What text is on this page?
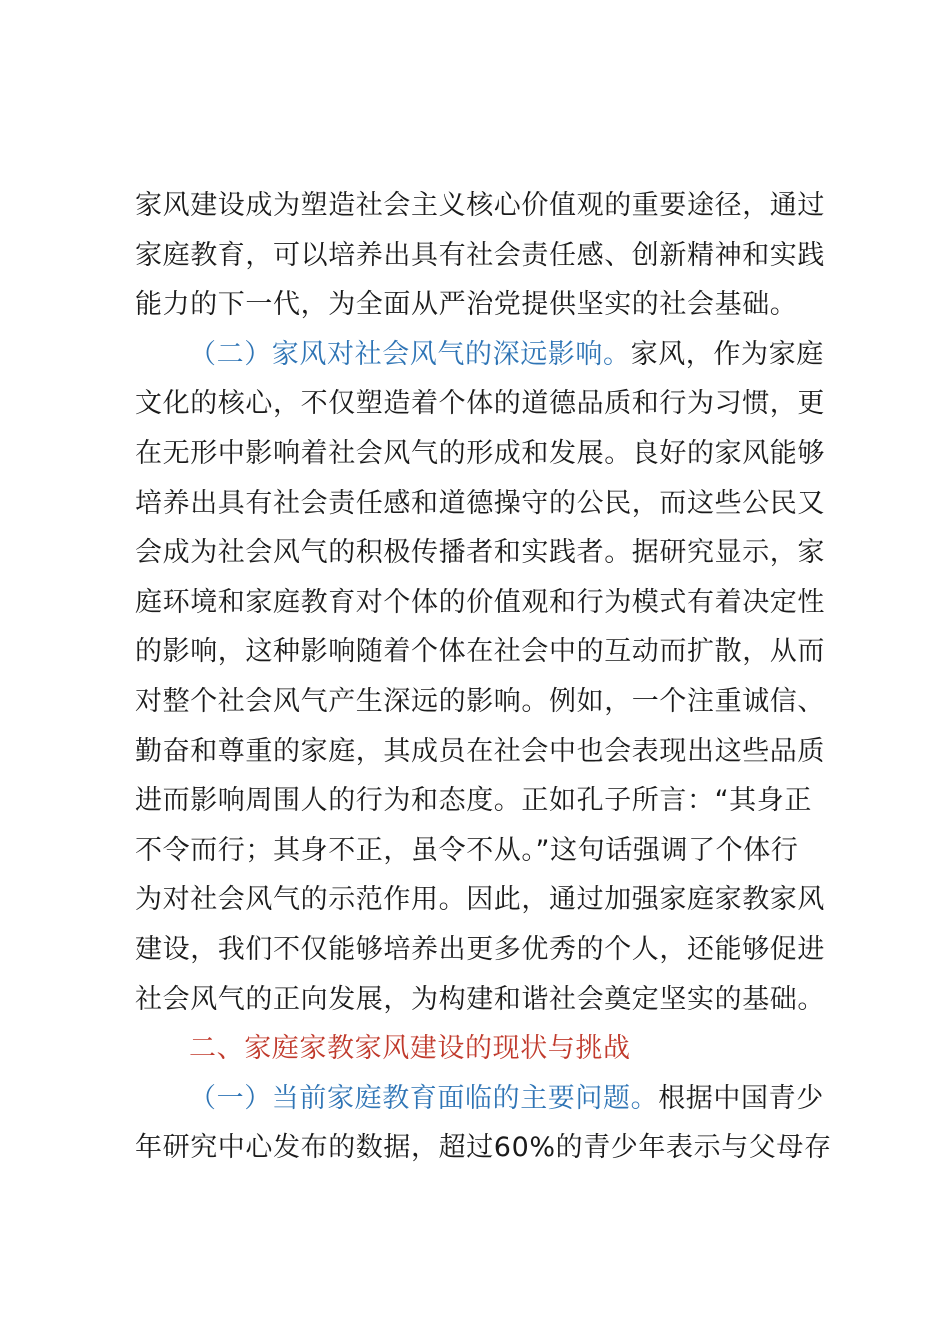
家风建设成为塑造社会主义核心价值观的重要途径，通过
家庭教育，可以培养出具有社会责任感、创新精神和实践
能力的下一代，为全面从严治党提供坚实的社会基础。
（二）家风对社会风气的深远影响。家风，作为家庭
文化的核心，不仅塑造着个体的道德品质和行为习惯，更
在无形中影响着社会风气的形成和发展。良好的家风能够
培养出具有社会责任感和道德操守的公民，而这些公民又
会成为社会风气的积极传播者和实践者。据研究显示，家
庭环境和家庭教育对个体的价值观和行为模式有着决定性
的影响，这种影响随着个体在社会中的互动而扩散，从而
对整个社会风气产生深远的影响。例如，一个注重诚信、
勤奋和尊重的家庭，其成员在社会中也会表现出这些品质
进而影响周围人的行为和态度。正如孔子所言：“其身正
不令而行；其身不正，虽令不从。”这句话强调了个体行
为对社会风气的示范作用。因此，通过加强家庭家教家风
建设，我们不仅能够培养出更多优秀的个人，还能够促进
社会风气的正向发展，为构建和谐社会奠定坚实的基础。
二、家庭家教家风建设的现状与挑战
（一）当前家庭教育面临的主要问题。根据中国青少
年研究中心发布的数据，超过60%的青少年表示与父母存
